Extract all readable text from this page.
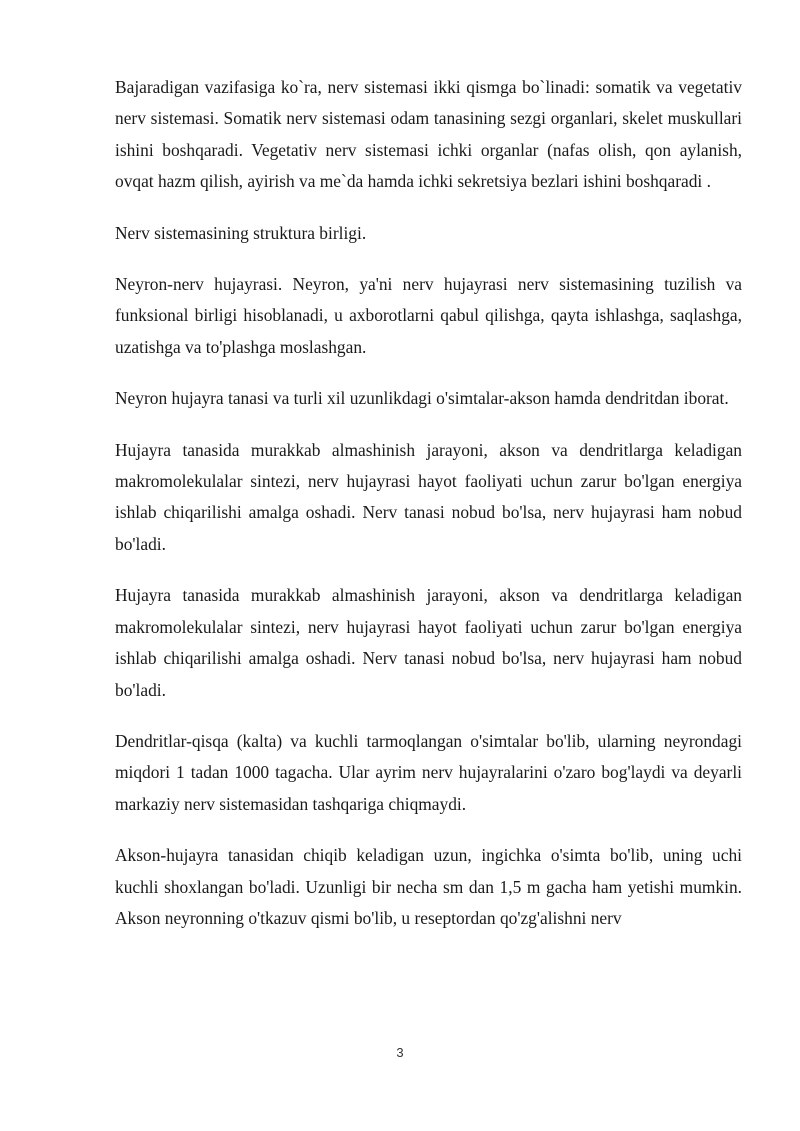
Bajaradigan vazifasiga ko`ra, nerv sistemasi ikki qismga bo`linadi: somatik va vegetativ nerv sistemasi. Somatik nerv sistemasi odam tanasining sezgi organlari, skelet muskullari ishini boshqaradi. Vegetativ nerv sistemasi ichki organlar (nafas olish, qon aylanish, ovqat hazm qilish, ayirish va me`da hamda ichki sekretsiya bezlari ishini boshqaradi .

Nerv sistemasining struktura birligi.

Neyron-nerv hujayrasi. Neyron, ya'ni nerv hujayrasi nerv sistemasining tuzilish va funksional birligi hisoblanadi, u axborotlarni qabul qilishga, qayta ishlashga, saqlashga, uzatishga va to'plashga moslashgan.

Neyron hujayra tanasi va turli xil uzunlikdagi o'simtalar-akson hamda dendritdan iborat.

Hujayra tanasida murakkab almashinish jarayoni, akson va dendritlarga keladigan makromolekulalar sintezi, nerv hujayrasi hayot faoliyati uchun zarur bo'lgan energiya ishlab chiqarilishi amalga oshadi. Nerv tanasi nobud bo'lsa, nerv hujayrasi ham nobud bo'ladi.

Hujayra tanasida murakkab almashinish jarayoni, akson va dendritlarga keladigan makromolekulalar sintezi, nerv hujayrasi hayot faoliyati uchun zarur bo'lgan energiya ishlab chiqarilishi amalga oshadi. Nerv tanasi nobud bo'lsa, nerv hujayrasi ham nobud bo'ladi.

Dendritlar-qisqa (kalta) va kuchli tarmoqlangan o'simtalar bo'lib, ularning neyrondagi miqdori 1 tadan 1000 tagacha. Ular ayrim nerv hujayralarini o'zaro bog'laydi va deyarli markaziy nerv sistemasidan tashqariga chiqmaydi.

Akson-hujayra tanasidan chiqib keladigan uzun, ingichka o'simta bo'lib, uning uchi kuchli shoxlangan bo'ladi. Uzunligi bir necha sm dan 1,5 m gacha ham yetishi mumkin. Akson neyronning o'tkazuv qismi bo'lib, u reseptordan qo'zg'alishni nerv

3
